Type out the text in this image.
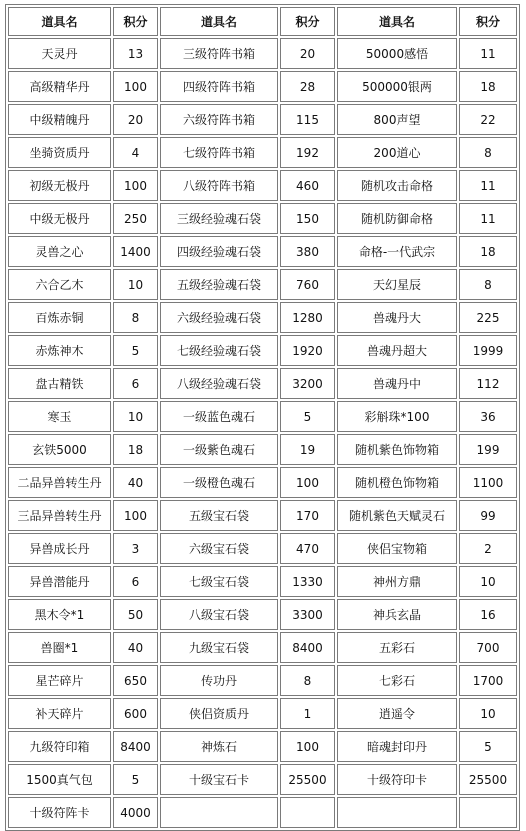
道具名	积分	道具名	积分	道具名	积分
天灵丹	13	三级符阵书箱	20	50000感悟	11
高级精华丹	100	四级符阵书箱	28	500000银两	18
中级精魄丹	20	六级符阵书箱	115	800声望	22
坐骑资质丹	4	七级符阵书箱	192	200道心	8
初级无极丹	100	八级符阵书箱	460	随机攻击命格	11
中级无极丹	250	三级经验魂石袋	150	随机防御命格	11
灵兽之心	1400	四级经验魂石袋	380	命格-一代武宗	18
六合乙木	10	五级经验魂石袋	760	天幻星辰	8
百炼赤铜	8	六级经验魂石袋	1280	兽魂丹大	225
赤炼神木	5	七级经验魂石袋	1920	兽魂丹超大	1999
盘古精铁	6	八级经验魂石袋	3200	兽魂丹中	112
寒玉	10	一级蓝色魂石	5	彩斛珠*100	36
玄铁5000	18	一级紫色魂石	19	随机紫色饰物箱	199
二品异兽转生丹	40	一级橙色魂石	100	随机橙色饰物箱	1100
三品异兽转生丹	100	五级宝石袋	170	随机紫色天赋灵石	99
异兽成长丹	3	六级宝石袋	470	侠侣宝物箱	2
异兽潜能丹	6	七级宝石袋	1330	神州方鼎	10
黑木令*1	50	八级宝石袋	3300	神兵玄晶	16
兽圈*1	40	九级宝石袋	8400	五彩石	700
星芒碎片	650	传功丹	8	七彩石	1700
补天碎片	600	侠侣资质丹	1	逍遥令	10
九级符印箱	8400	神炼石	100	暗魂封印丹	5
1500真气包	5	十级宝石卡	25500	十级符印卡	25500
十级符阵卡	4000				
